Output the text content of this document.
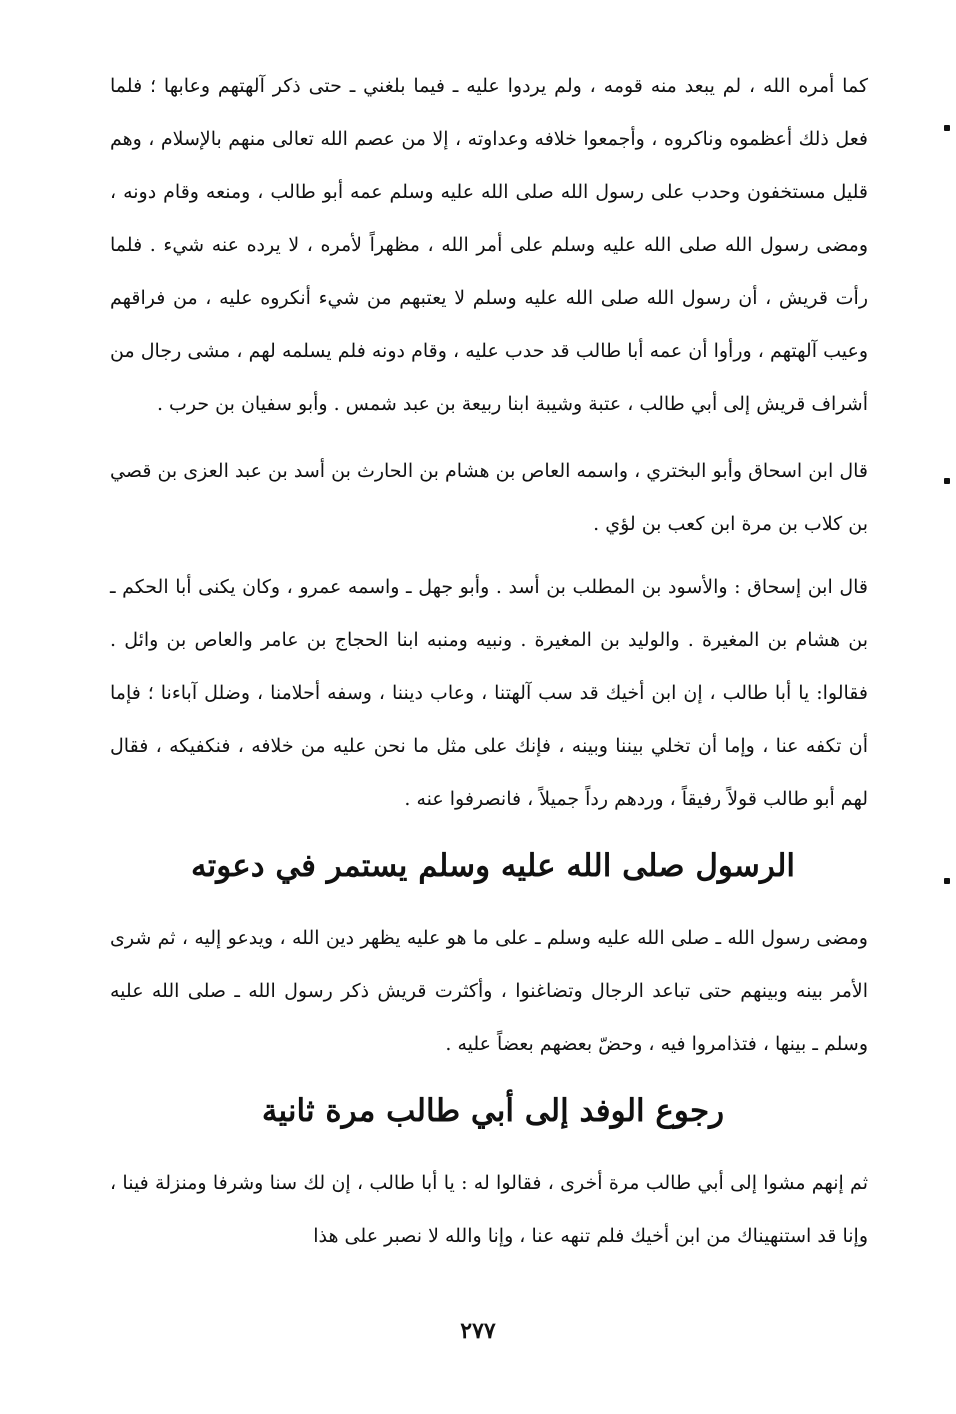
كما أمره الله ، لم يبعد منه قومه ، ولم يردوا عليه ـ فيما بلغني ـ حتى ذكر آلهتهم وعابها ؛ فلما فعل ذلك أعظموه وناكروه ، وأجمعوا خلافه وعداوته ، إلا من عصم الله تعالى منهم بالإسلام ، وهم قليل مستخفون وحدب على رسول الله صلى الله عليه وسلم عمه أبو طالب ، ومنعه وقام دونه ، ومضى رسول الله صلى الله عليه وسلم على أمر الله ، مظهراً لأمره ، لا يرده عنه شيء . فلما رأت قريش ، أن رسول الله صلى الله عليه وسلم لا يعتبهم من شيء أنكروه عليه ، من فراقهم وعيب آلهتهم ، ورأوا أن عمه أبا طالب قد حدب عليه ، وقام دونه فلم يسلمه لهم ، مشى رجال من أشراف قريش إلى أبي طالب ، عتبة وشيبة ابنا ربيعة بن عبد شمس . وأبو سفيان بن حرب .

قال ابن اسحاق وأبو البختري ، واسمه العاص بن هشام بن الحارث بن أسد بن عبد العزى بن قصي بن كلاب بن مرة ابن كعب بن لؤي .

قال ابن إسحاق : والأسود بن المطلب بن أسد . وأبو جهل ـ واسمه عمرو ، وكان يكنى أبا الحكم ـ بن هشام بن المغيرة . والوليد بن المغيرة . ونبيه ومنبه ابنا الحجاج بن عامر والعاص بن وائل . فقالوا: يا أبا طالب ، إن ابن أخيك قد سب آلهتنا ، وعاب ديننا ، وسفه أحلامنا ، وضلل آباءنا ؛ فإما أن تكفه عنا ، وإما أن تخلي بيننا وبينه ، فإنك على مثل ما نحن عليه من خلافه ، فنكفيكه ، فقال لهم أبو طالب قولاً رفيقاً ، وردهم رداً جميلاً ، فانصرفوا عنه .

الرسول صلى الله عليه وسلم يستمر في دعوته

ومضى رسول الله ـ صلى الله عليه وسلم ـ على ما هو عليه يظهر دين الله ، ويدعو إليه ، ثم شرى الأمر بينه وبينهم حتى تباعد الرجال وتضاغنوا ، وأكثرت قريش ذكر رسول الله ـ صلى الله عليه وسلم ـ بينها ، فتذامروا فيه ، وحضّ بعضهم بعضاً عليه .

رجوع الوفد إلى أبي طالب مرة ثانية

ثم إنهم مشوا إلى أبي طالب مرة أخرى ، فقالوا له : يا أبا طالب ، إن لك سنا وشرفا ومنزلة فينا ، وإنا قد استنهيناك من ابن أخيك فلم تنهه عنا ، وإنا والله لا نصبر على هذا

٢٧٧
